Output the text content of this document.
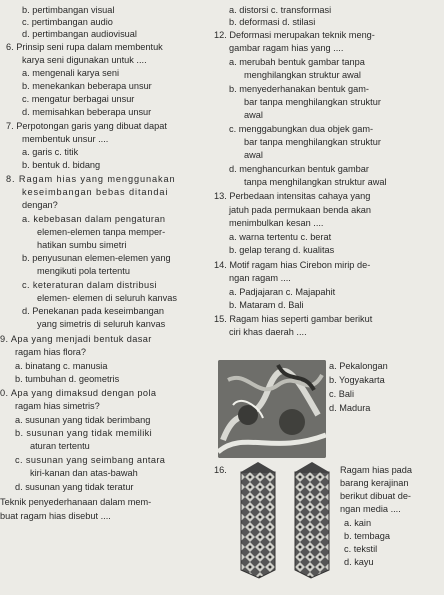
b. pertimbangan visual
c. pertimbangan audio
d. pertimbangan audiovisual
6. Prinsip seni rupa dalam membentuk
karya seni digunakan untuk ....
a. mengenali karya seni
b. menekankan beberapa unsur
c. mengatur berbagai unsur
d. memisahkan beberapa unsur
7. Perpotongan garis yang dibuat dapat
membentuk unsur ....
a. garis c. titik
b. bentuk d. bidang
8. Ragam hias yang menggunakan
keseimbangan bebas ditandai
dengan?
a. kebebasan dalam pengaturan
elemen-elemen tanpa memper-
hatikan sumbu simetri
b. penyusunan elemen-elemen yang
mengikuti pola tertentu
c. keteraturan dalam distribusi
elemen- elemen di seluruh kanvas
d. Penekanan pada keseimbangan
yang simetris di seluruh kanvas
9. Apa yang menjadi bentuk dasar
ragam hias flora?
a. binatang c. manusia
b. tumbuhan d. geometris
0. Apa yang dimaksud dengan pola
ragam hias simetris?
a. susunan yang tidak berimbang
b. susunan yang tidak memiliki
aturan tertentu
c. susunan yang seimbang antara
kiri-kanan dan atas-bawah
d. susunan yang tidak teratur
Teknik penyederhanaan dalam mem-
buat ragam hias disebut ....
a. distorsi c. transformasi
b. deformasi d. stilasi
12. Deformasi merupakan teknik meng-
gambar ragam hias yang ....
a. merubah bentuk gambar tanpa
menghilangkan struktur awal
b. menyederhanakan bentuk gam-
bar tanpa menghilangkan struktur
awal
c. menggabungkan dua objek gam-
bar tanpa menghilangkan struktur
awal
d. menghancurkan bentuk gambar
tanpa menghilangkan struktur awal
13. Perbedaan intensitas cahaya yang
jatuh pada permukaan benda akan
menimbulkan kesan ....
a. warna tertentu c. berat
b. gelap terang d. kualitas
14. Motif ragam hias Cirebon mirip de-
ngan ragam ....
a. Padjajaran c. Majapahit
b. Mataram d. Bali
15. Ragam hias seperti gambar berikut
ciri khas daerah ....
a. Pekalongan
b. Yogyakarta
c. Bali
d. Madura
16.	Ragam hias pada
barang kerajinan
berikut dibuat de-
ngan media ....
a. kain
b. tembaga
c. tekstil
d. kayu
